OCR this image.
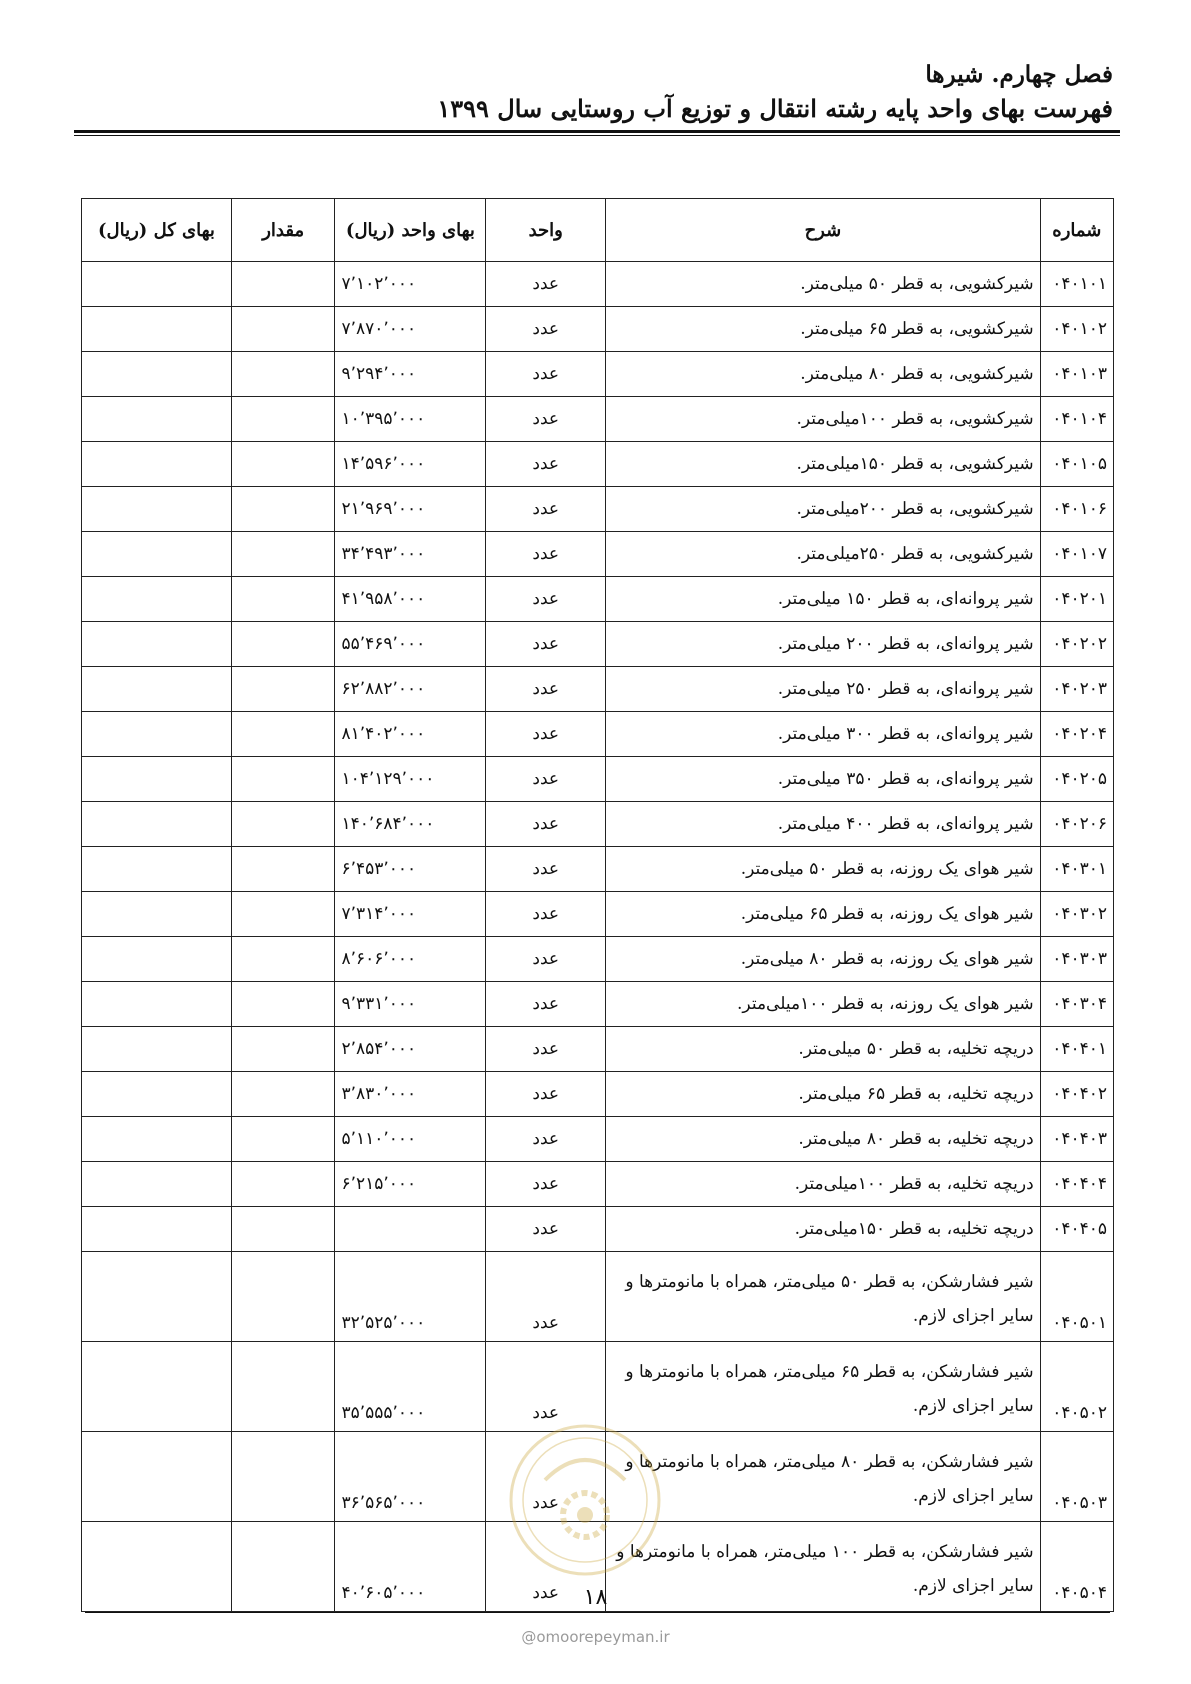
فصل چهارم. شیرها
فهرست بهای واحد پایه رشته انتقال و توزیع آب روستایی سال ۱۳۹۹
شماره	شرح	واحد	بهای واحد (ریال)	مقدار	بهای کل (ریال)
۰۴۰۱۰۱	شیرکشویی، به قطر ۵۰ میلی‌متر.	عدد	۷٬۱۰۲٬۰۰۰		
۰۴۰۱۰۲	شیرکشویی، به قطر ۶۵ میلی‌متر.	عدد	۷٬۸۷۰٬۰۰۰		
۰۴۰۱۰۳	شیرکشویی، به قطر ۸۰ میلی‌متر.	عدد	۹٬۲۹۴٬۰۰۰		
۰۴۰۱۰۴	شیرکشویی، به قطر ۱۰۰میلی‌متر.	عدد	۱۰٬۳۹۵٬۰۰۰		
۰۴۰۱۰۵	شیرکشویی، به قطر ۱۵۰میلی‌متر.	عدد	۱۴٬۵۹۶٬۰۰۰		
۰۴۰۱۰۶	شیرکشویی، به قطر ۲۰۰میلی‌متر.	عدد	۲۱٬۹۶۹٬۰۰۰		
۰۴۰۱۰۷	شیرکشویی، به قطر ۲۵۰میلی‌متر.	عدد	۳۴٬۴۹۳٬۰۰۰		
۰۴۰۲۰۱	شیر پروانه‌ای، به قطر ۱۵۰ میلی‌متر.	عدد	۴۱٬۹۵۸٬۰۰۰		
۰۴۰۲۰۲	شیر پروانه‌ای، به قطر ۲۰۰ میلی‌متر.	عدد	۵۵٬۴۶۹٬۰۰۰		
۰۴۰۲۰۳	شیر پروانه‌ای، به قطر ۲۵۰ میلی‌متر.	عدد	۶۲٬۸۸۲٬۰۰۰		
۰۴۰۲۰۴	شیر پروانه‌ای، به قطر ۳۰۰ میلی‌متر.	عدد	۸۱٬۴۰۲٬۰۰۰		
۰۴۰۲۰۵	شیر پروانه‌ای، به قطر ۳۵۰ میلی‌متر.	عدد	۱۰۴٬۱۲۹٬۰۰۰		
۰۴۰۲۰۶	شیر پروانه‌ای، به قطر ۴۰۰ میلی‌متر.	عدد	۱۴۰٬۶۸۴٬۰۰۰		
۰۴۰۳۰۱	شیر هوای یک روزنه، به قطر ۵۰ میلی‌متر.	عدد	۶٬۴۵۳٬۰۰۰		
۰۴۰۳۰۲	شیر هوای یک روزنه، به قطر ۶۵ میلی‌متر.	عدد	۷٬۳۱۴٬۰۰۰		
۰۴۰۳۰۳	شیر هوای یک روزنه، به قطر ۸۰ میلی‌متر.	عدد	۸٬۶۰۶٬۰۰۰		
۰۴۰۳۰۴	شیر هوای یک روزنه، به قطر ۱۰۰میلی‌متر.	عدد	۹٬۳۳۱٬۰۰۰		
۰۴۰۴۰۱	دریچه تخلیه، به قطر ۵۰ میلی‌متر.	عدد	۲٬۸۵۴٬۰۰۰		
۰۴۰۴۰۲	دریچه تخلیه، به قطر ۶۵ میلی‌متر.	عدد	۳٬۸۳۰٬۰۰۰		
۰۴۰۴۰۳	دریچه تخلیه، به قطر ۸۰ میلی‌متر.	عدد	۵٬۱۱۰٬۰۰۰		
۰۴۰۴۰۴	دریچه تخلیه، به قطر ۱۰۰میلی‌متر.	عدد	۶٬۲۱۵٬۰۰۰		
۰۴۰۴۰۵	دریچه تخلیه، به قطر ۱۵۰میلی‌متر.	عدد			
۰۴۰۵۰۱	شیر فشارشکن، به قطر ۵۰ میلی‌متر، همراه با مانومترها و سایر اجزای لازم.	عدد	۳۲٬۵۲۵٬۰۰۰		
۰۴۰۵۰۲	شیر فشارشکن، به قطر ۶۵ میلی‌متر، همراه با مانومترها و سایر اجزای لازم.	عدد	۳۵٬۵۵۵٬۰۰۰		
۰۴۰۵۰۳	شیر فشارشکن، به قطر ۸۰ میلی‌متر، همراه با مانومترها و سایر اجزای لازم.	عدد	۳۶٬۵۶۵٬۰۰۰		
۰۴۰۵۰۴	شیر فشارشکن، به قطر ۱۰۰ میلی‌متر، همراه با مانومترها و سایر اجزای لازم.	عدد	۴۰٬۶۰۵٬۰۰۰			۱۸
@omoorepeyman.ir
